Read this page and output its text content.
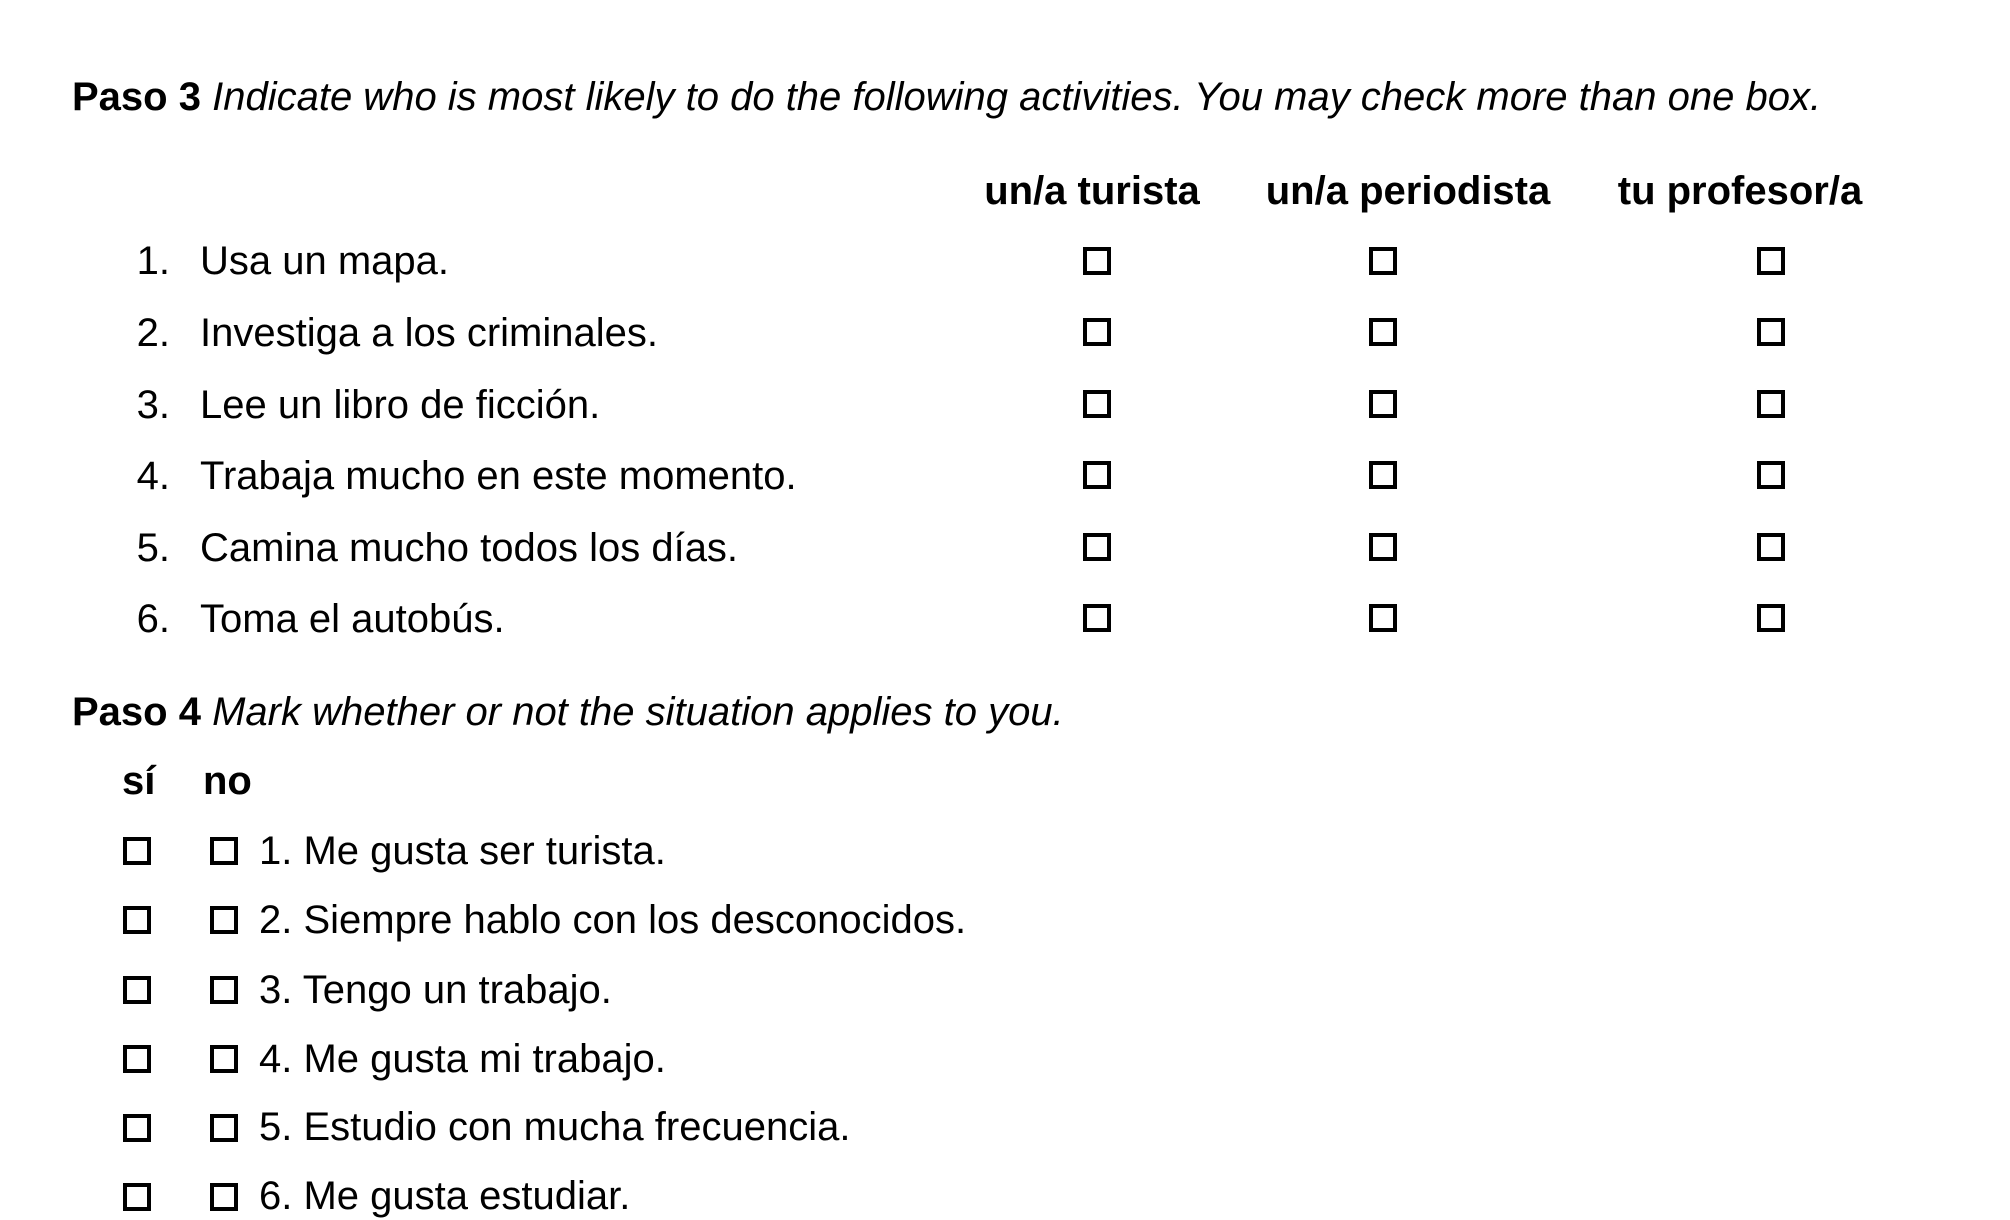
Paso 3 Indicate who is most likely to do the following activities. You may check more than one box.
un/a turista un/a periodista tu profesor/a
1. Usa un mapa.
2. Investiga a los criminales.
3. Lee un libro de ficción.
4. Trabaja mucho en este momento.
5. Camina mucho todos los días.
6. Toma el autobús.
Paso 4 Mark whether or not the situation applies to you.
sí no
1. Me gusta ser turista.
2. Siempre hablo con los desconocidos.
3. Tengo un trabajo.
4. Me gusta mi trabajo.
5. Estudio con mucha frecuencia.
6. Me gusta estudiar.
